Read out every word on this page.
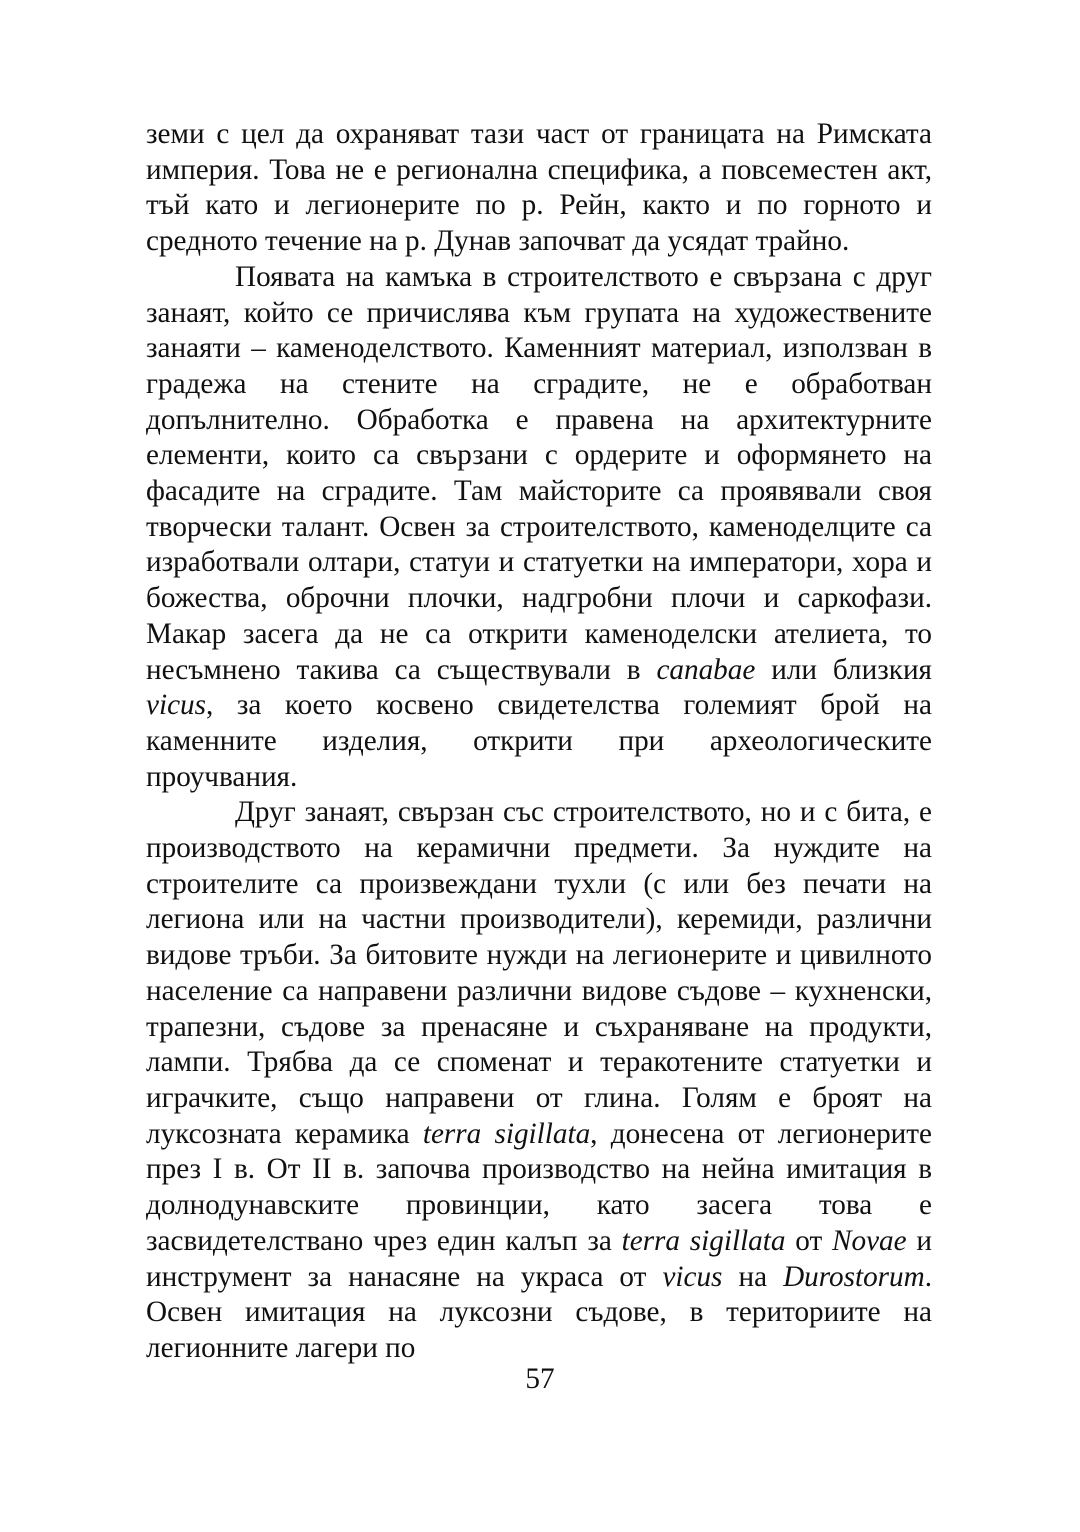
земи с цел да охраняват тази част от границата на Римската империя. Това не е регионална специфика, а повсеместен акт, тъй като и легионерите по р. Рейн, както и по горното и средното течение на р. Дунав започват да усядат трайно.

Появата на камъка в строителството е свързана с друг занаят, който се причислява към групата на художествените занаяти – каменоделството. Каменният материал, използван в градежа на стените на сградите, не е обработван допълнително. Обработка е правена на архитектурните елементи, които са свързани с ордерите и оформянето на фасадите на сградите. Там майсторите са проявявали своя творчески талант. Освен за строителството, каменоделците са изработвали олтари, статуи и статуетки на императори, хора и божества, оброчни плочки, надгробни плочи и саркофази. Макар засега да не са открити каменоделски ателиета, то несъмнено такива са съществували в canabae или близкия vicus, за което косвено свидетелства големият брой на каменните изделия, открити при археологическите проучвания.

Друг занаят, свързан със строителството, но и с бита, е производството на керамични предмети. За нуждите на строителите са произвеждани тухли (с или без печати на легиона или на частни производители), керемиди, различни видове тръби. За битовите нужди на легионерите и цивилното население са направени различни видове съдове – кухненски, трапезни, съдове за пренасяне и съхраняване на продукти, лампи. Трябва да се споменат и теракотените статуетки и играчките, също направени от глина. Голям е броят на луксозната керамика terra sigillata, донесена от легионерите през I в. От II в. започва производство на нейна имитация в долнодунавските провинции, като засега това е засвидетелствано чрез един калъп за terra sigillata от Novae и инструмент за нанасяне на украса от vicus на Durostorum. Освен имитация на луксозни съдове, в териториите на легионните лагери по

57
